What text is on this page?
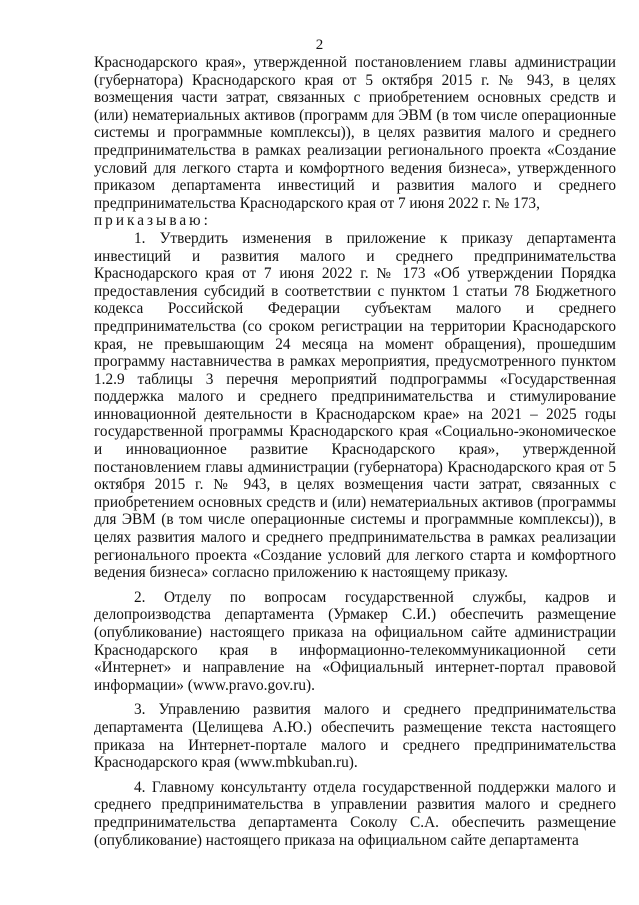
2

Краснодарского края», утвержденной постановлением главы администрации (губернатора) Краснодарского края от 5 октября 2015 г. № 943, в целях возмещения части затрат, связанных с приобретением основных средств и (или) нематериальных активов (программ для ЭВМ (в том числе операционные системы и программные комплексы)), в целях развития малого и среднего предпринимательства в рамках реализации регионального проекта «Создание условий для легкого старта и комфортного ведения бизнеса», утвержденного приказом департамента инвестиций и развития малого и среднего предпринимательства Краснодарского края от 7 июня 2022 г. № 173,

приказываю:

1. Утвердить изменения в приложение к приказу департамента инвестиций и развития малого и среднего предпринимательства Краснодарского края от 7 июня 2022 г. № 173 «Об утверждении Порядка предоставления субсидий в соответствии с пунктом 1 статьи 78 Бюджетного кодекса Российской Федерации субъектам малого и среднего предпринимательства (со сроком регистрации на территории Краснодарского края, не превышающим 24 месяца на момент обращения), прошедшим программу наставничества в рамках мероприятия, предусмотренного пунктом 1.2.9 таблицы 3 перечня мероприятий подпрограммы «Государственная поддержка малого и среднего предпринимательства и стимулирование инновационной деятельности в Краснодарском крае» на 2021 – 2025 годы государственной программы Краснодарского края «Социально-экономическое и инновационное развитие Краснодарского края», утвержденной постановлением главы администрации (губернатора) Краснодарского края от 5 октября 2015 г. № 943, в целях возмещения части затрат, связанных с приобретением основных средств и (или) нематериальных активов (программы для ЭВМ (в том числе операционные системы и программные комплексы)), в целях развития малого и среднего предпринимательства в рамках реализации регионального проекта «Создание условий для легкого старта и комфортного ведения бизнеса» согласно приложению к настоящему приказу.

2. Отделу по вопросам государственной службы, кадров и делопроизводства департамента (Урмакер С.И.) обеспечить размещение (опубликование) настоящего приказа на официальном сайте администрации Краснодарского края в информационно-телекоммуникационной сети «Интернет» и направление на «Официальный интернет-портал правовой информации» (www.pravo.gov.ru).

3. Управлению развития малого и среднего предпринимательства департамента (Целищева А.Ю.) обеспечить размещение текста настоящего приказа на Интернет-портале малого и среднего предпринимательства Краснодарского края (www.mbkuban.ru).

4. Главному консультанту отдела государственной поддержки малого и среднего предпринимательства в управлении развития малого и среднего предпринимательства департамента Соколу С.А. обеспечить размещение (опубликование) настоящего приказа на официальном сайте департамента
